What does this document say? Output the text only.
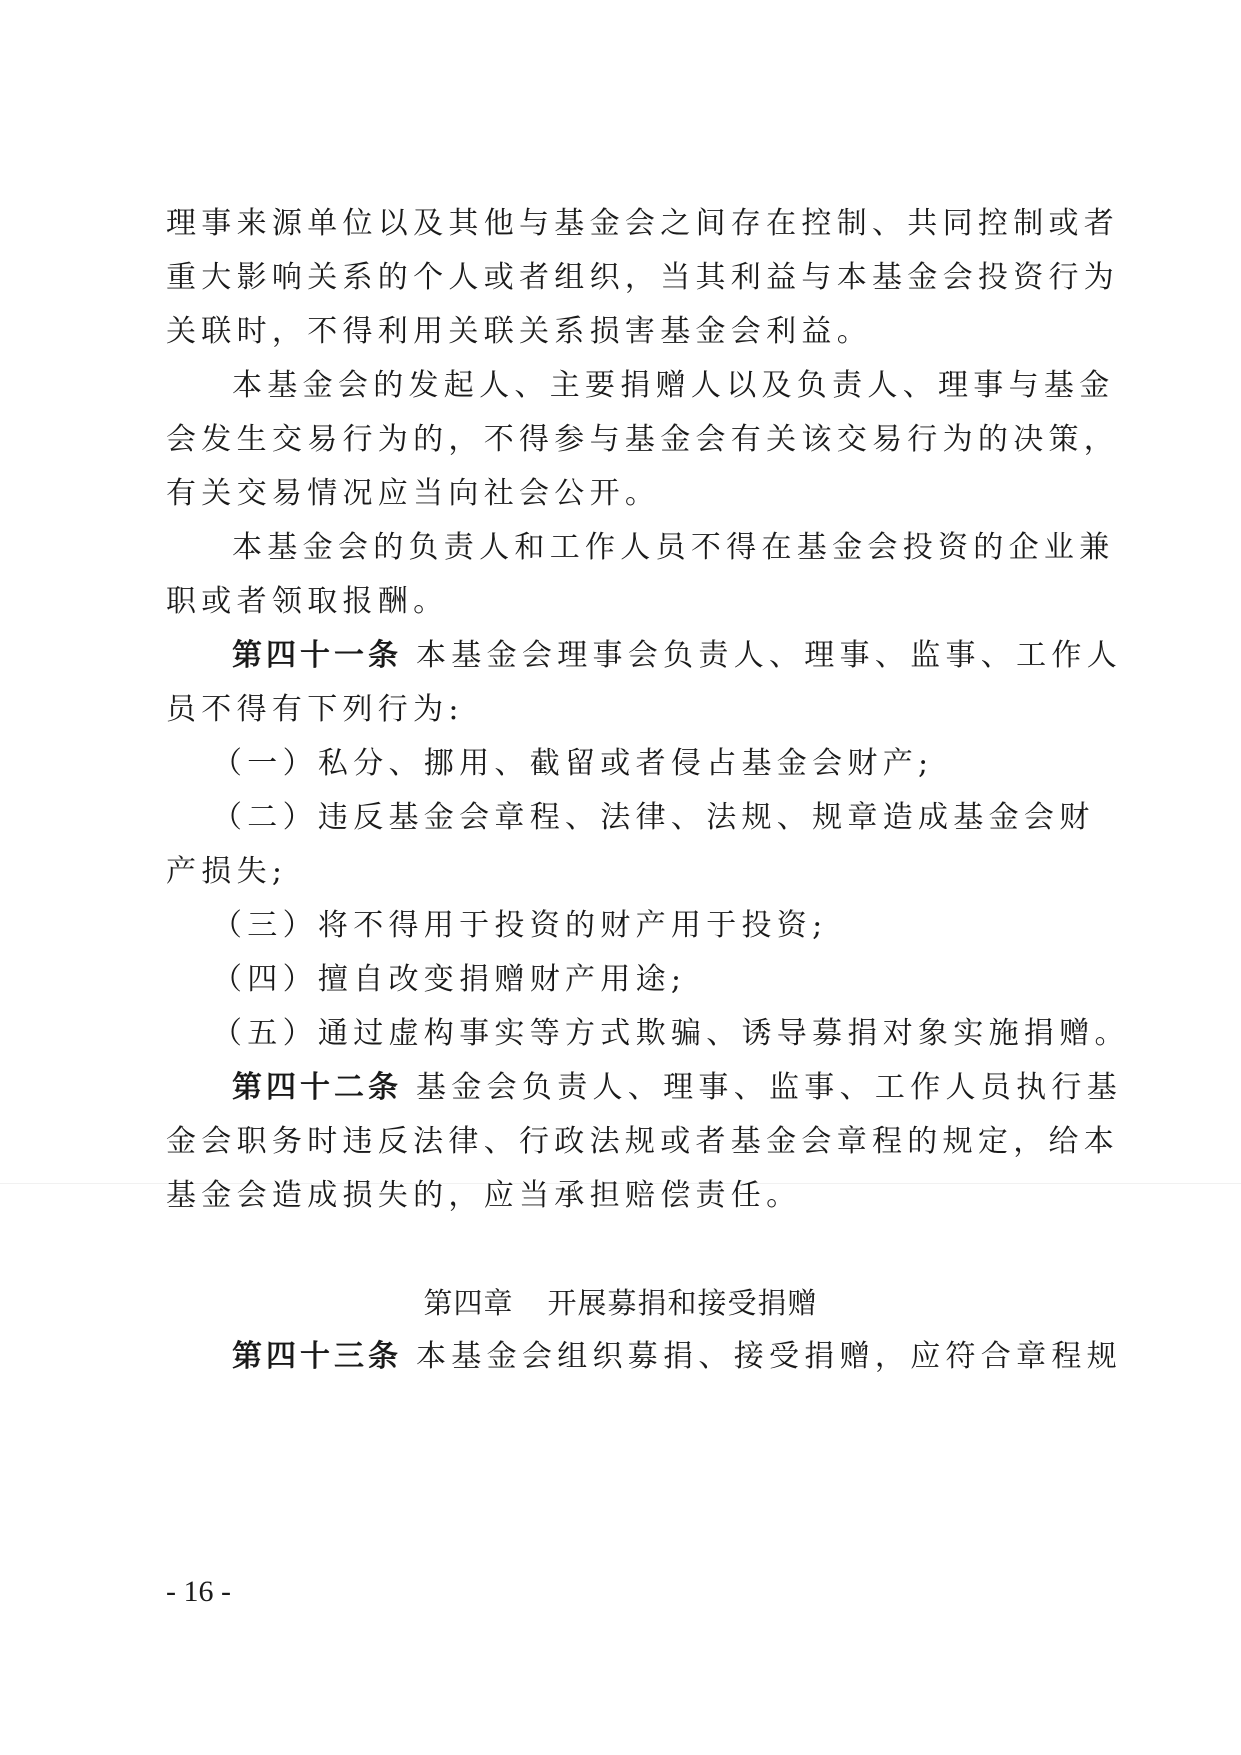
理事来源单位以及其他与基金会之间存在控制、共同控制或者
重大影响关系的个人或者组织，当其利益与本基金会投资行为
关联时，不得利用关联关系损害基金会利益。
本基金会的发起人、主要捐赠人以及负责人、理事与基金
会发生交易行为的，不得参与基金会有关该交易行为的决策，
有关交易情况应当向社会公开。
本基金会的负责人和工作人员不得在基金会投资的企业兼
职或者领取报酬。
第四十一条 本基金会理事会负责人、理事、监事、工作人
员不得有下列行为:
（一）私分、挪用、截留或者侵占基金会财产;
（二）违反基金会章程、法律、法规、规章造成基金会财
产损失;
（三）将不得用于投资的财产用于投资;
（四）擅自改变捐赠财产用途;
（五）通过虚构事实等方式欺骗、诱导募捐对象实施捐赠。
第四十二条 基金会负责人、理事、监事、工作人员执行基
金会职务时违反法律、行政法规或者基金会章程的规定，给本
基金会造成损失的，应当承担赔偿责任。
第四章 开展募捐和接受捐赠
第四十三条 本基金会组织募捐、接受捐赠，应符合章程规
- 16 -
